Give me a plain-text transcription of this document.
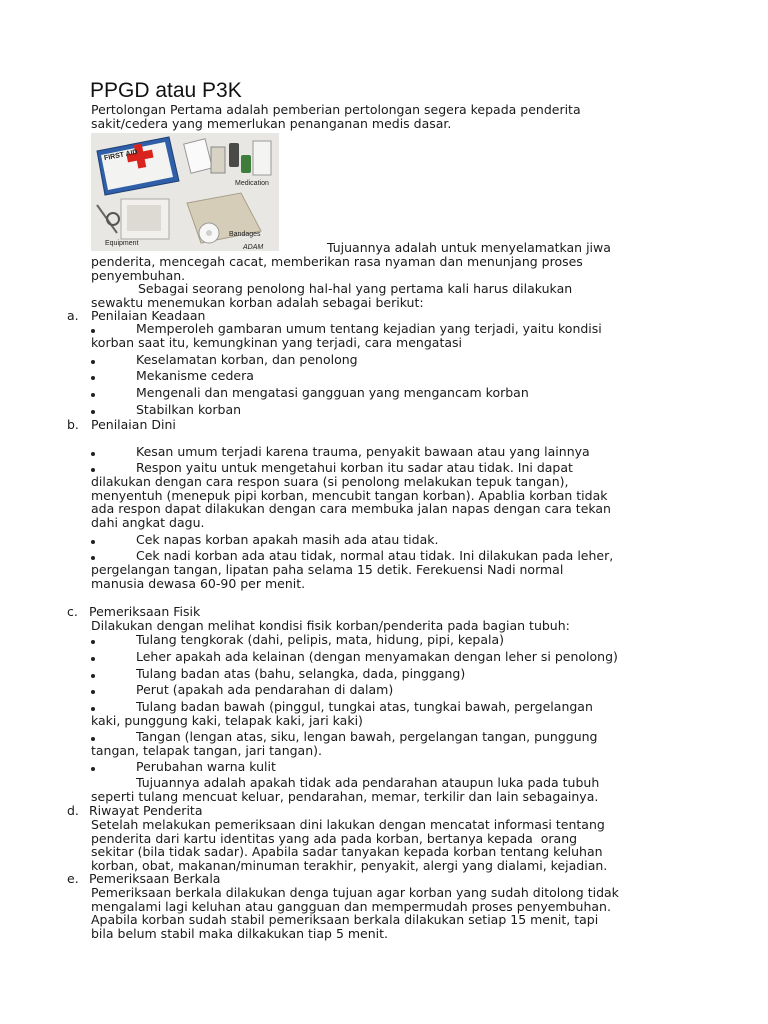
PPGD atau P3K
Pertolongan Pertama adalah pemberian pertolongan segera kepada penderita
sakit/cedera yang memerlukan penanganan medis dasar.
FIRST AID
Medication
Equipment
Bandages
ADAM	Tujuannya adalah untuk menyelamatkan jiwa
penderita, mencegah cacat, memberikan rasa nyaman dan menunjang proses
penyembuhan.
Sebagai seorang penolong hal-hal yang pertama kali harus dilakukan
sewaktu menemukan korban adalah sebagai berikut:
a. Penilaian Keadaan
Memperoleh gambaran umum tentang kejadian yang terjadi, yaitu kondisi
korban saat itu, kemungkinan yang terjadi, cara mengatasi
Keselamatan korban, dan penolong
Mekanisme cedera
Mengenali dan mengatasi gangguan yang mengancam korban
Stabilkan korban
b. Penilaian Dini
Kesan umum terjadi karena trauma, penyakit bawaan atau yang lainnya
Respon yaitu untuk mengetahui korban itu sadar atau tidak. Ini dapat
dilakukan dengan cara respon suara (si penolong melakukan tepuk tangan),
menyentuh (menepuk pipi korban, mencubit tangan korban). Apablia korban tidak
ada respon dapat dilakukan dengan cara membuka jalan napas dengan cara tekan
dahi angkat dagu.
Cek napas korban apakah masih ada atau tidak.
Cek nadi korban ada atau tidak, normal atau tidak. Ini dilakukan pada leher,
pergelangan tangan, lipatan paha selama 15 detik. Ferekuensi Nadi normal
manusia dewasa 60-90 per menit.
c. Pemeriksaan Fisik
Dilakukan dengan melihat kondisi fisik korban/penderita pada bagian tubuh:
Tulang tengkorak (dahi, pelipis, mata, hidung, pipi, kepala)
Leher apakah ada kelainan (dengan menyamakan dengan leher si penolong)
Tulang badan atas (bahu, selangka, dada, pinggang)
Perut (apakah ada pendarahan di dalam)
Tulang badan bawah (pinggul, tungkai atas, tungkai bawah, pergelangan
kaki, punggung kaki, telapak kaki, jari kaki)
Tangan (lengan atas, siku, lengan bawah, pergelangan tangan, punggung
tangan, telapak tangan, jari tangan).
Perubahan warna kulit
Tujuannya adalah apakah tidak ada pendarahan ataupun luka pada tubuh
seperti tulang mencuat keluar, pendarahan, memar, terkilir dan lain sebagainya.
d. Riwayat Penderita
Setelah melakukan pemeriksaan dini lakukan dengan mencatat informasi tentang
penderita dari kartu identitas yang ada pada korban, bertanya kepada  orang
sekitar (bila tidak sadar). Apabila sadar tanyakan kepada korban tentang keluhan
korban, obat, makanan/minuman terakhir, penyakit, alergi yang dialami, kejadian.
e. Pemeriksaan Berkala
Pemeriksaan berkala dilakukan denga tujuan agar korban yang sudah ditolong tidak
mengalami lagi keluhan atau gangguan dan mempermudah proses penyembuhan.
Apabila korban sudah stabil pemeriksaan berkala dilakukan setiap 15 menit, tapi
bila belum stabil maka dilkakukan tiap 5 menit.
